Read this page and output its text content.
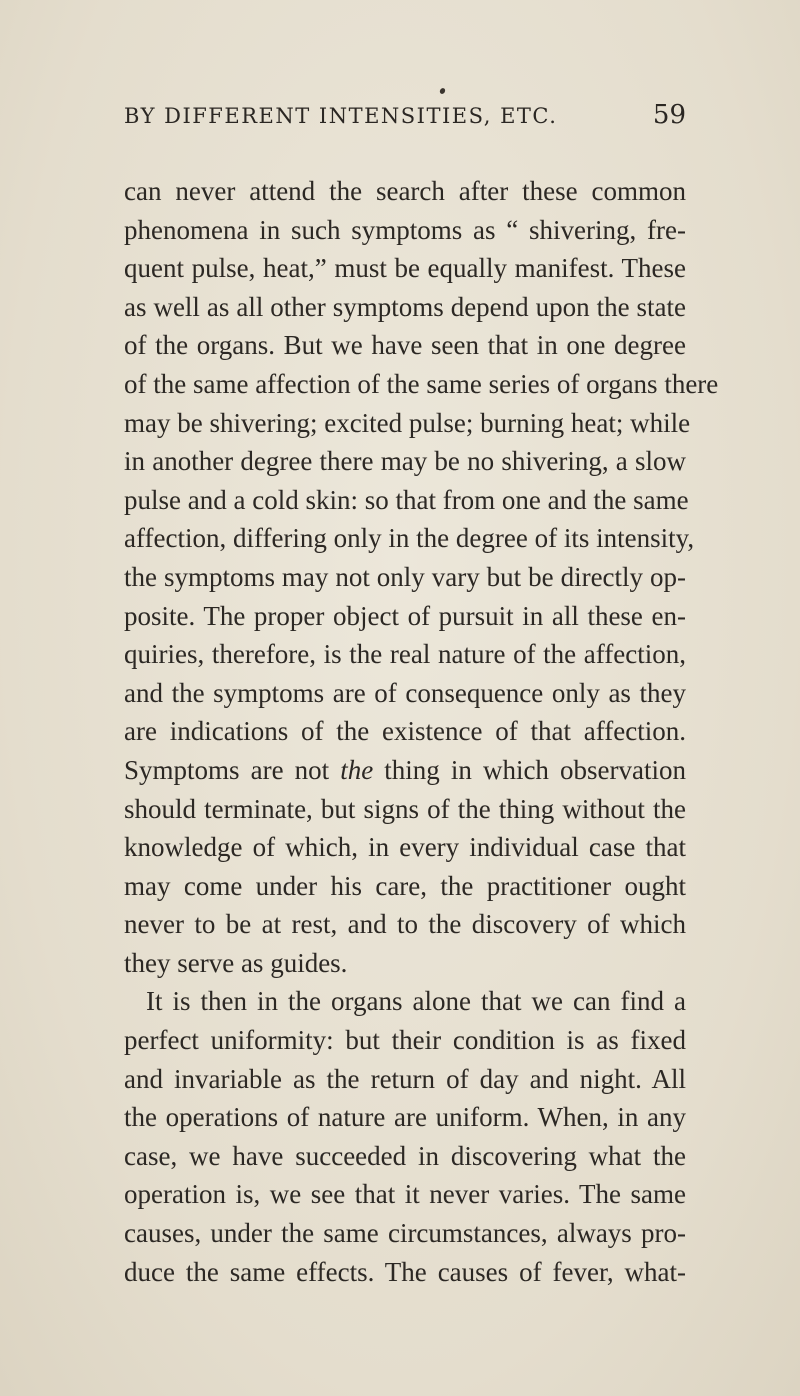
BY DIFFERENT INTENSITIES, ETC.	59
can never attend the search after these common
phenomena in such symptoms as “ shivering, fre-
quent pulse, heat,” must be equally manifest. These
as well as all other symptoms depend upon the state
of the organs. But we have seen that in one degree
of the same affection of the same series of organs there
may be shivering; excited pulse; burning heat; while
in another degree there may be no shivering, a slow
pulse and a cold skin: so that from one and the same
affection, differing only in the degree of its intensity,
the symptoms may not only vary but be directly op-
posite. The proper object of pursuit in all these en-
quiries, therefore, is the real nature of the affection,
and the symptoms are of consequence only as they
are indications of the existence of that affection.
Symptoms are not the thing in which observation
should terminate, but signs of the thing without the
knowledge of which, in every individual case that
may come under his care, the practitioner ought
never to be at rest, and to the discovery of which
they serve as guides.
It is then in the organs alone that we can find a
perfect uniformity: but their condition is as fixed
and invariable as the return of day and night. All
the operations of nature are uniform. When, in any
case, we have succeeded in discovering what the
operation is, we see that it never varies. The same
causes, under the same circumstances, always pro-
duce the same effects. The causes of fever, what-
